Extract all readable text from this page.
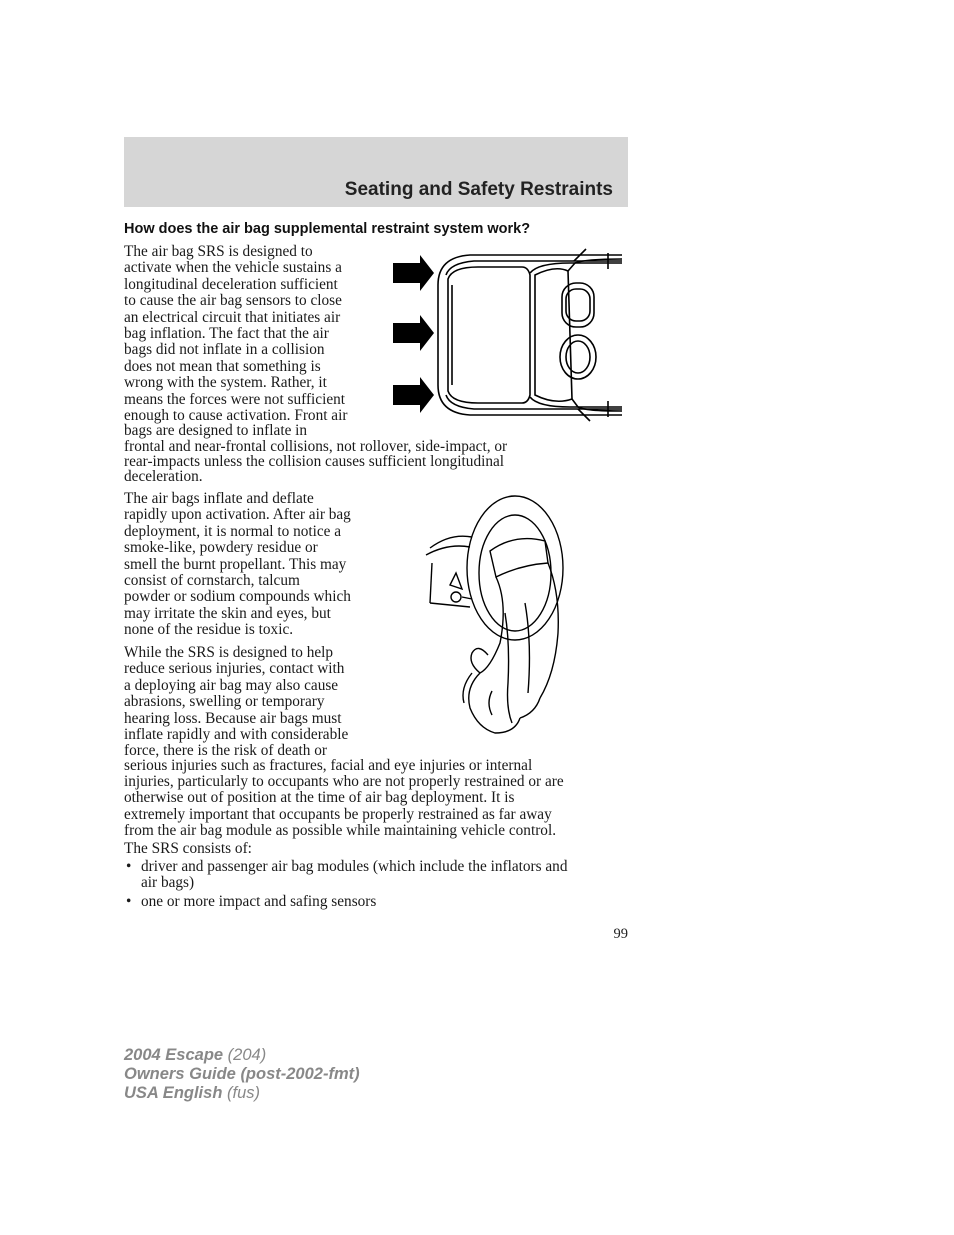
Seating and Safety Restraints
How does the air bag supplemental restraint system work?
The air bag SRS is designed to
activate when the vehicle sustains a
longitudinal deceleration sufficient
to cause the air bag sensors to close
an electrical circuit that initiates air
bag inflation. The fact that the air
bags did not inflate in a collision
does not mean that something is
wrong with the system. Rather, it
means the forces were not sufficient
enough to cause activation. Front air
bags are designed to inflate in
frontal and near-frontal collisions, not rollover, side-impact, or
rear-impacts unless the collision causes sufficient longitudinal
deceleration.
The air bags inflate and deflate
rapidly upon activation. After air bag
deployment, it is normal to notice a
smoke-like, powdery residue or
smell the burnt propellant. This may
consist of cornstarch, talcum
powder or sodium compounds which
may irritate the skin and eyes, but
none of the residue is toxic.
While the SRS is designed to help
reduce serious injuries, contact with
a deploying air bag may also cause
abrasions, swelling or temporary
hearing loss. Because air bags must
inflate rapidly and with considerable
force, there is the risk of death or
serious injuries such as fractures, facial and eye injuries or internal
injuries, particularly to occupants who are not properly restrained or are
otherwise out of position at the time of air bag deployment. It is
extremely important that occupants be properly restrained as far away
from the air bag module as possible while maintaining vehicle control.
The SRS consists of:
• driver and passenger air bag modules (which include the inflators and
air bags)
• one or more impact and safing sensors
99
2004 Escape (204)
Owners Guide (post-2002-fmt)
USA English (fus)
